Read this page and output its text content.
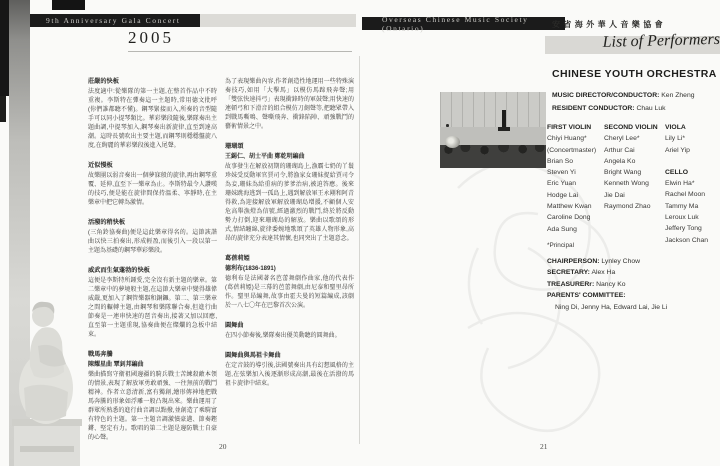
9th Anniversary Gala Concert
2005
Overseas Chinese Music Society (Ontario)	安省海外華人音樂協會
List of Performers
莊嚴的快板

法度適中:從樂隊的第一主題,在整首作品中不時重複。李斯特在彈奏這一主題時,常用德文批呼(你們誰都聽不懂)。鋼琴緊接而入,所奏的音型隨手可以同小提琴類比。華彩樂段隨後,樂隊奏出主題曲調,中提琴加入,鋼琴奏出新旋律,直至到達高潮。這時長號吹出主要主題,而鋼琴則穩穩盤旋八度,在絢麗的華彩樂段後進入尾聲。

近似慢板

故樂團以弱音奏出一個夢寐般的旋律,再由鋼琴重覆、延伸,直至下一樂章為止。李斯特最令人讚嘆的技巧,便是能在旋律間保持溫柔、寧靜時,在主樂章中把它轉為激情。

活潑的稍快板

(三角鈴協奏曲)便是這此樂章得名的。這節詼諧曲以快三拍奏出,形成輕盈,而後引入一段以第一主題為基礎的鋼琴華彩樂段。

威武而生氣蓬勃的快板

這便是李斯特所鍾愛,完全沒有新主題的樂章。第二樂章中的夢境般主題,在這節大樂章中變得雄偉威嚴,更加入了鋼管樂器和銅鑼。第二、第三樂章之間的輾轉主題,由鋼琴和樂隊聯合奏,但進行曲節奏是一連串快速的琶音奏出,接著又加以回應,直至第一主題重現,協奏曲便在燦爛的急板中結束。

戰馬奔騰
陳耀星曲 覃釗邦編曲

樂曲描寫守衛祖國邊疆的騎兵戰士苦練殺敵本領的情景,表現了解放軍勇敢頑強、一往無前的戰鬥精神。作者立意清新,富有獨創,繪形傳神地把戰馬奔騰的形象如浮雕一般凸現出來。樂曲運用了群眾所熟悉的進行曲音調以點撥,並創造了乘騎富有特色的主題。第一主題音調激憤豪邁、節奏鏗鏘、堅定有力。歌唱的第二主題是邊防戰士自豪的心聲。

為了表現樂曲內容,作者創造性地運用一些特殊演奏技巧,如用「大擊馬」以模仿馬蹄飛奔聲;用「雙弦快速抖弓」表現衝鋒時的軍鼓聲;用快速的連頓弓和下滑音的組合模仿刀劍聲等,把聽眾帶入到戰馬嘶鳴、聲嘶飛奔、衝鋒陷陣、頑強戰鬥的藝術情景之中。

珊瑚頌
王錫仁、胡士平曲 鄭乾明編曲

故事發生在解放初期的珊瑚島上,漁霸七奶的丫鬟珍妹受反動軍官賈司令,將漁家女珊妹捉給賈司令為妾,珊妹為給重病的爹爹治病,被迫答應。後來珊妹跳海逃到一孤島上,遇到解放軍王永剛和阿青得救,為迎接解放軍解放珊瑚島增援,不顧個人安危高舉漁燈為信號,經過激烈的戰鬥,終於將反動勢力打倒,迎來珊瑚島的解放。樂曲以歌頌的形式,情結纏綿,旋律委婉地歌頌了英雄人物形象,高昂的旋律充分表達其情懷,也同突出了主題意念。

葛蓓莉婭
德利布(1836-1891)

德利布是法國著名芭蕾舞劇作曲家,他的代表作(葛蓓莉婭)是三幕的芭蕾舞劇,由尼泰和聖里昂所作。聖里昂編舞,故事由霍夫曼的短篇編成,該劇於一八七〇年在巴黎首次公演。

圓舞曲

在四小節奏後,樂隊奏出優美動聽的圓舞曲。

圓舞曲與馬祖卡舞曲

在定音鼓的導引後,法國號奏出具有幻想風格的主題,在弦樂加入後逐漸形成高潮,最後在活潑的馬祖卡旋律中結束。

CHINESE YOUTH ORCHESTRA
MUSIC DIRECTOR/CONDUCTOR: Ken Zheng
RESIDENT CONDUCTOR: Chau Luk
FIRST VIOLIN
Chiyi Huang*
(Concertmaster)
Brian So
Steven Yi
Eric Yuan
Hodge Lai
Matthew Kwan
Caroline Dong
Ada Sung
SECOND VIOLIN
Cheryl Lee*
Arthur Cai
Angela Ko
Bright Wang
Kenneth Wong
Jie Dai
Raymond Zhao
VIOLA
Lily Li*
Ariel Yip
CELLO
Elwin Ha*
Rachel Moon
Tammy Ma
Leroux Luk
Jeffery Tong
Jackson Chan
*Principal
CHAIRPERSON: Lynley Chow
SECRETARY: Alex Ha
TREASURERr: Nancy Ko
PARENTS' COMMITTEE:
Ning Di, Jenny Ha, Edward Lai, Jie Li
20	21
